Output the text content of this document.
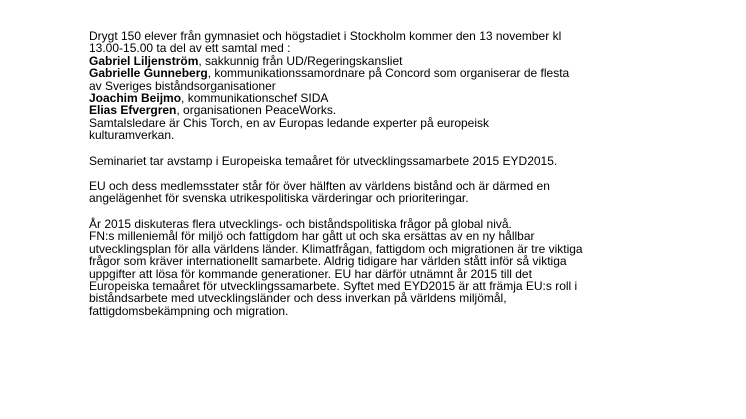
Drygt 150 elever från gymnasiet och högstadiet i Stockholm kommer den 13 november kl
13.00-15.00 ta del av ett samtal med :
Gabriel Liljenström, sakkunnig från UD/Regeringskansliet
Gabrielle Gunneberg, kommunikationssamordnare på Concord som organiserar de flesta
av Sveriges biståndsorganisationer
Joachim Beijmo, kommunikationschef SIDA
Elias Efvergren, organisationen PeaceWorks.
Samtalsledare är Chis Torch, en av Europas ledande experter på europeisk
kulturamverkan.
Seminariet tar avstamp i Europeiska temaåret för utvecklingssamarbete 2015 EYD2015.
EU och dess medlemsstater står för över hälften av världens bistånd och är därmed en
angelägenhet för svenska utrikespolitiska värderingar och prioriteringar.
År 2015 diskuteras flera utvecklings- och biståndspolitiska frågor på global nivå.
FN:s milleniemål för miljö och fattigdom har gått ut och ska ersättas av en ny hållbar
utvecklingsplan för alla världens länder. Klimatfrågan, fattigdom och migrationen är tre viktiga
frågor som kräver internationellt samarbete. Aldrig tidigare har världen stått inför så viktiga
uppgifter att lösa för kommande generationer. EU har därför utnämnt år 2015 till det
Europeiska temaåret för utvecklingssamarbete. Syftet med EYD2015 är att främja EU:s roll i
biståndsarbete med utvecklingsländer och dess inverkan på världens miljömål,
fattigdomsbekämpning och migration.
